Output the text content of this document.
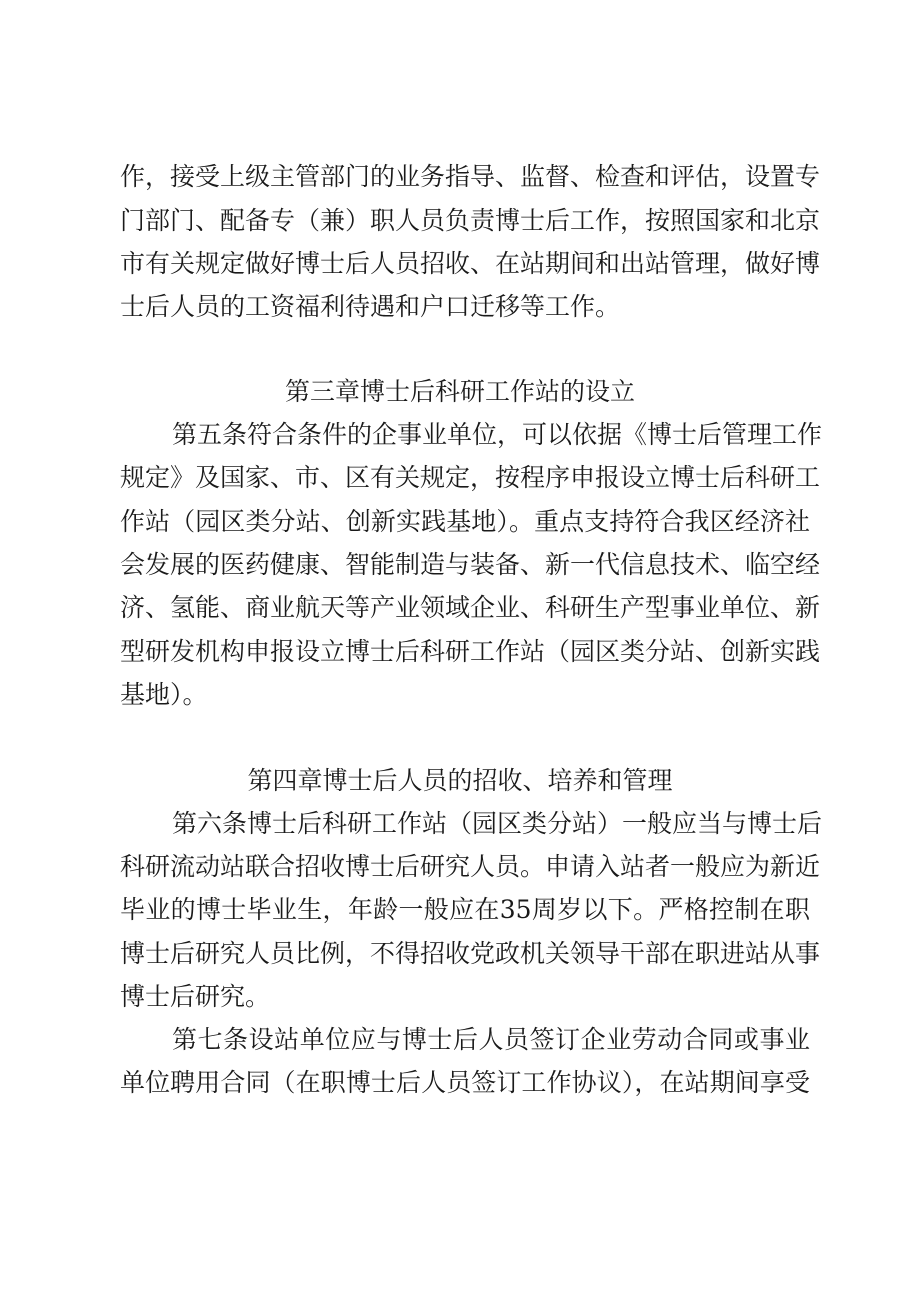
作，接受上级主管部门的业务指导、监督、检查和评估，设置专
门部门、配备专（兼）职人员负责博士后工作，按照国家和北京
市有关规定做好博士后人员招收、在站期间和出站管理，做好博
士后人员的工资福利待遇和户口迁移等工作。
第三章博士后科研工作站的设立
第五条符合条件的企事业单位，可以依据《博士后管理工作
规定》及国家、市、区有关规定，按程序申报设立博士后科研工
作站（园区类分站、创新实践基地）。重点支持符合我区经济社
会发展的医药健康、智能制造与装备、新一代信息技术、临空经
济、氢能、商业航天等产业领域企业、科研生产型事业单位、新
型研发机构申报设立博士后科研工作站（园区类分站、创新实践
基地）。
第四章博士后人员的招收、培养和管理
第六条博士后科研工作站（园区类分站）一般应当与博士后
科研流动站联合招收博士后研究人员。申请入站者一般应为新近
毕业的博士毕业生，年龄一般应在35周岁以下。严格控制在职
博士后研究人员比例，不得招收党政机关领导干部在职进站从事
博士后研究。
第七条设站单位应与博士后人员签订企业劳动合同或事业
单位聘用合同（在职博士后人员签订工作协议），在站期间享受
